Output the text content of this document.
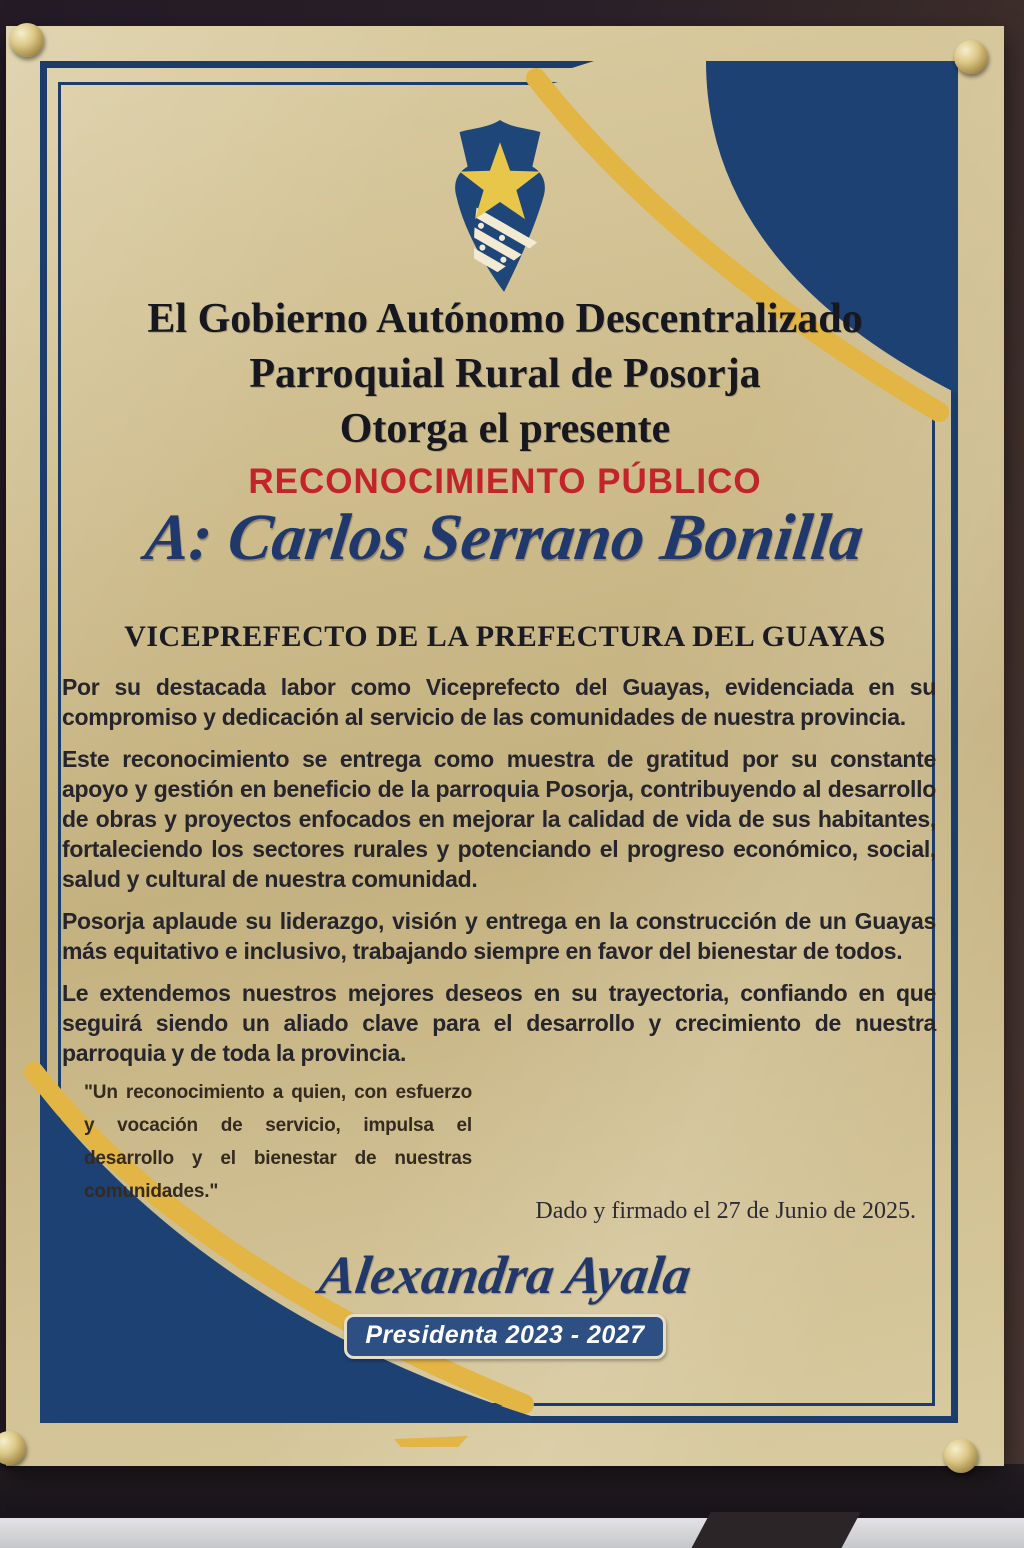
El Gobierno Autónomo Descentralizado
Parroquial Rural de Posorja
Otorga el presente
RECONOCIMIENTO PÚBLICO
A: Carlos Serrano Bonilla
VICEPREFECTO DE LA PREFECTURA DEL GUAYAS

Por su destacada labor como Viceprefecto del Guayas, evidenciada en su compromiso y dedicación al servicio de las comunidades de nuestra provincia.

Este reconocimiento se entrega como muestra de gratitud por su constante apoyo y gestión en beneficio de la parroquia Posorja, contribuyendo al desarrollo de obras y proyectos enfocados en mejorar la calidad de vida de sus habitantes, fortaleciendo los sectores rurales y potenciando el progreso económico, social, salud y cultural de nuestra comunidad.

Posorja aplaude su liderazgo, visión y entrega en la construcción de un Guayas más equitativo e inclusivo, trabajando siempre en favor del bienestar de todos.

Le extendemos nuestros mejores deseos en su trayectoria, confiando en que seguirá siendo un aliado clave para el desarrollo y crecimiento de nuestra parroquia y de toda la provincia.

"Un reconocimiento a quien, con esfuerzo y vocación de servicio, impulsa el desarrollo y el bienestar de nuestras comunidades."
Dado y firmado el 27 de Junio de 2025.
Alexandra Ayala
Presidenta 2023 - 2027
